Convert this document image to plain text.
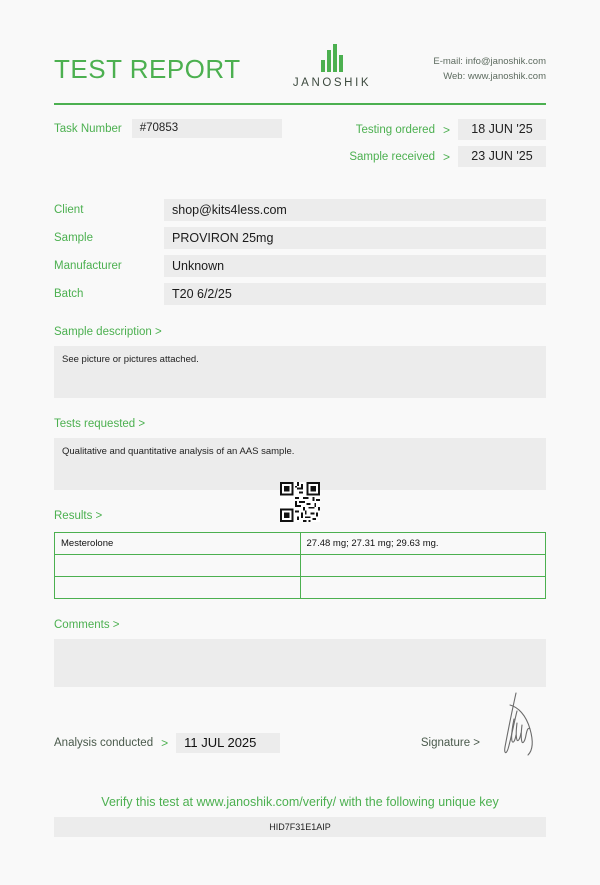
TEST REPORT	JANOSHIK
E-mail: info@janoshik.com
Web: www.janoshik.com
Task Number	#70853	Testing ordered >	18 JUN '25
Sample received >	23 JUN '25
Client	shop@kits4less.com
Sample	PROVIRON 25mg
Manufacturer	Unknown
Batch	T20 6/2/25
Sample description >
See picture or pictures attached.
Tests requested >
Qualitative and quantitative analysis of an AAS sample.
Results >
Mesterolone	27.48 mg; 27.31 mg; 29.63 mg.

Comments >
Analysis conducted >	11 JUL 2025	Signature >
Verify this test at www.janoshik.com/verify/ with the following unique key
HID7F31E1AIP
